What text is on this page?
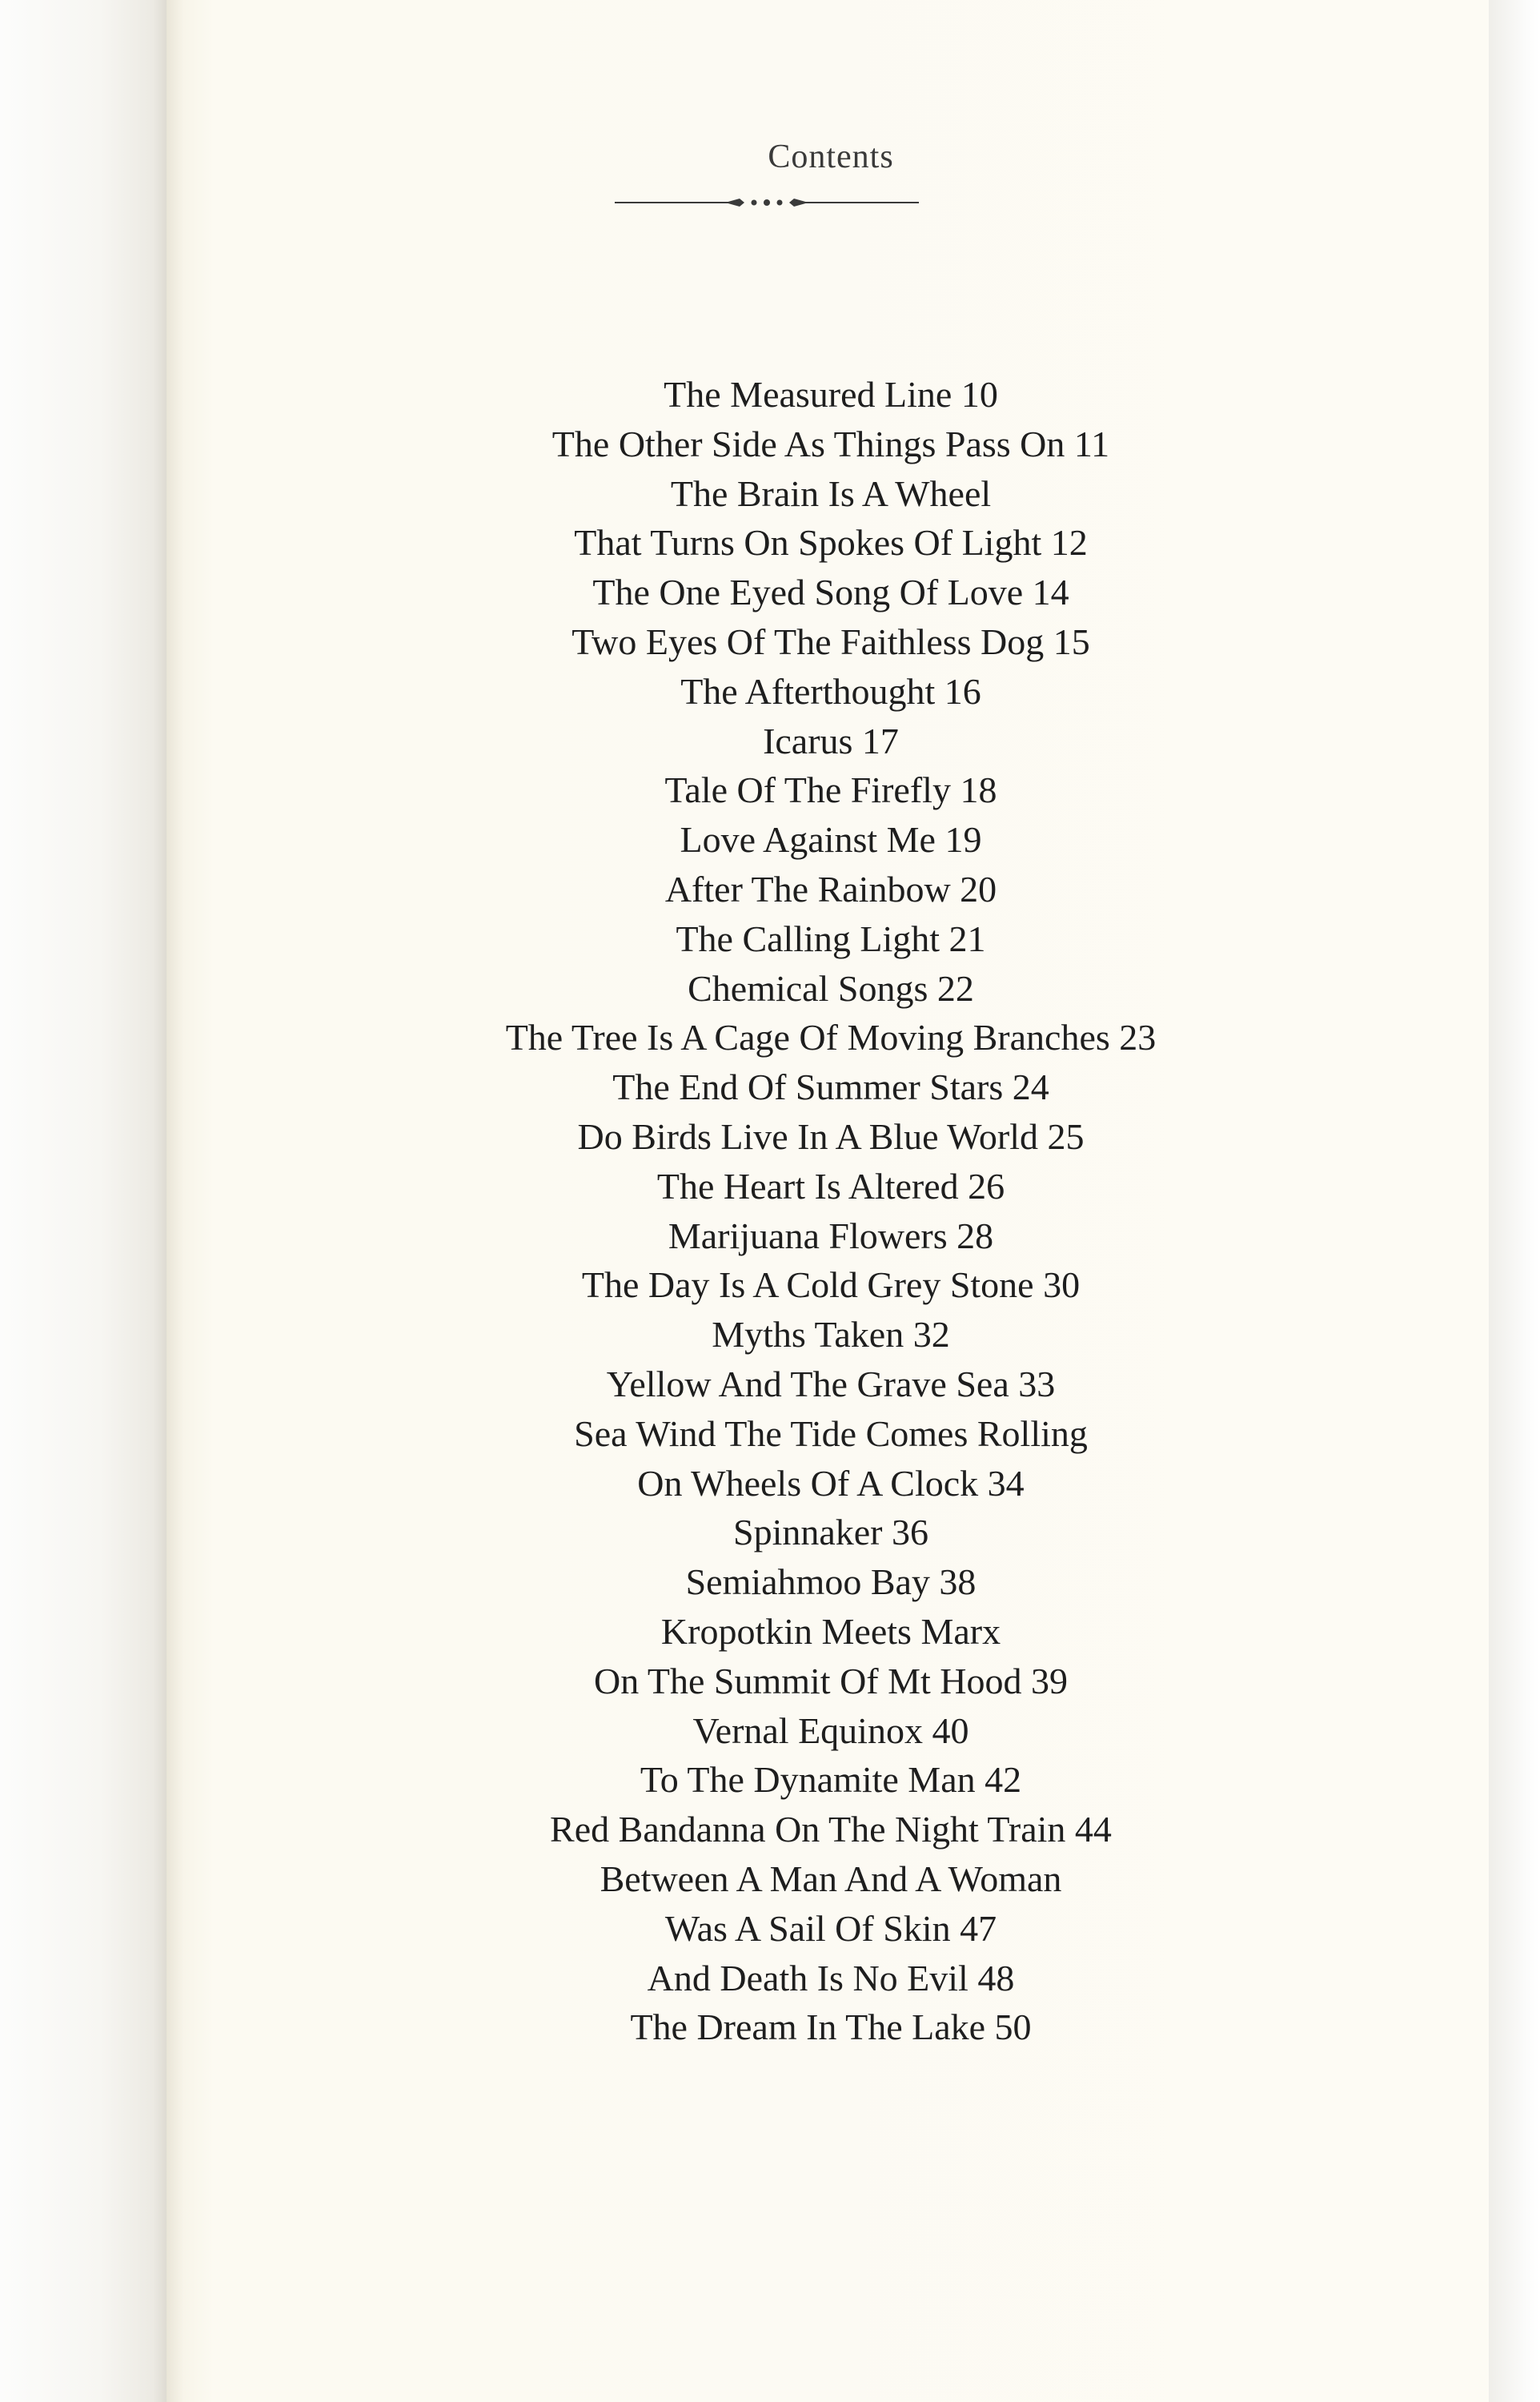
Contents
The Measured Line 10
The Other Side As Things Pass On 11
The Brain Is A Wheel
That Turns On Spokes Of Light 12
The One Eyed Song Of Love 14
Two Eyes Of The Faithless Dog 15
The Afterthought 16
Icarus 17
Tale Of The Firefly 18
Love Against Me 19
After The Rainbow 20
The Calling Light 21
Chemical Songs 22
The Tree Is A Cage Of Moving Branches 23
The End Of Summer Stars 24
Do Birds Live In A Blue World 25
The Heart Is Altered 26
Marijuana Flowers 28
The Day Is A Cold Grey Stone 30
Myths Taken 32
Yellow And The Grave Sea 33
Sea Wind The Tide Comes Rolling
On Wheels Of A Clock 34
Spinnaker 36
Semiahmoo Bay 38
Kropotkin Meets Marx
On The Summit Of Mt Hood 39
Vernal Equinox 40
To The Dynamite Man 42
Red Bandanna On The Night Train 44
Between A Man And A Woman
Was A Sail Of Skin 47
And Death Is No Evil 48
The Dream In The Lake 50
